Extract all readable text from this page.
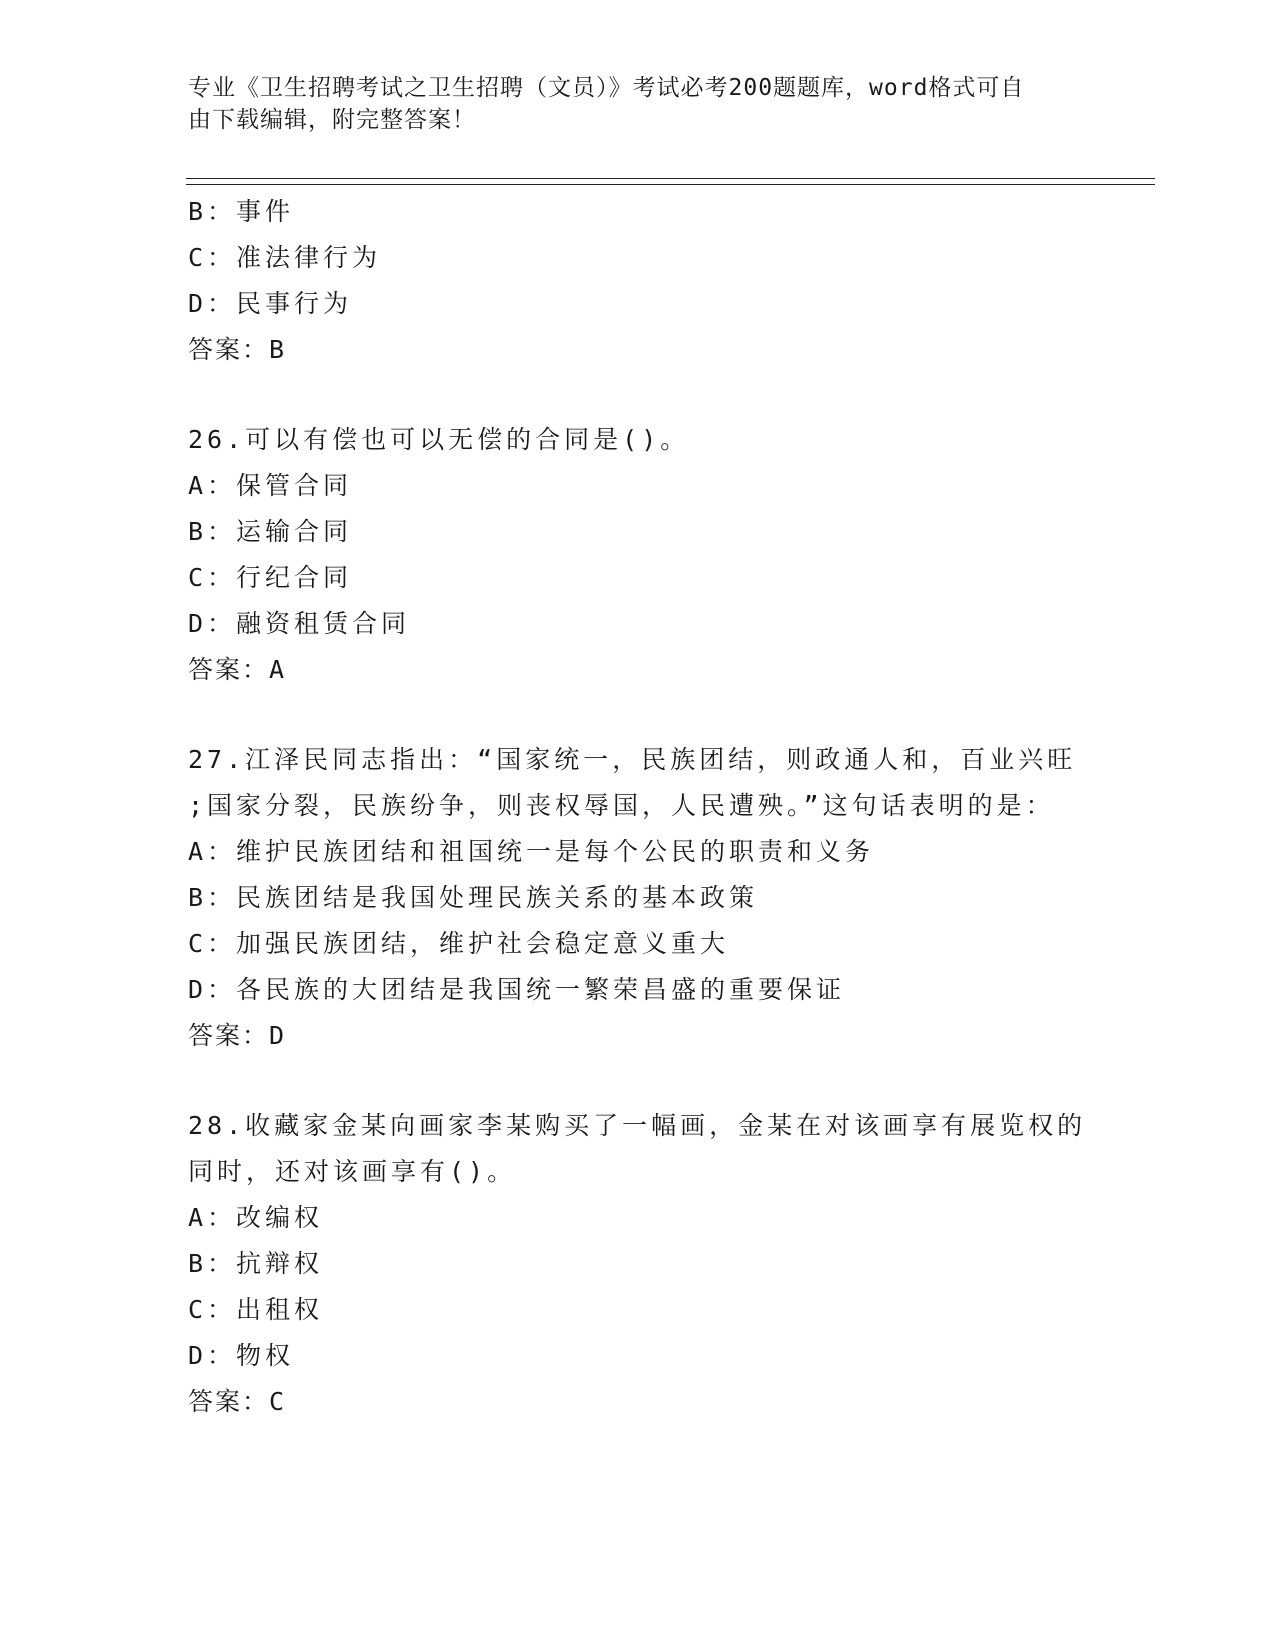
专业《卫生招聘考试之卫生招聘（文员）》考试必考200题题库，word格式可自
由下载编辑，附完整答案！
B：事件
C：准法律行为
D：民事行为
答案：B
26.可以有偿也可以无偿的合同是()。
A：保管合同
B：运输合同
C：行纪合同
D：融资租赁合同
答案：A
27.江泽民同志指出：“国家统一，民族团结，则政通人和，百业兴旺
;国家分裂，民族纷争，则丧权辱国，人民遭殃。”这句话表明的是：
A：维护民族团结和祖国统一是每个公民的职责和义务
B：民族团结是我国处理民族关系的基本政策
C：加强民族团结，维护社会稳定意义重大
D：各民族的大团结是我国统一繁荣昌盛的重要保证
答案：D
28.收藏家金某向画家李某购买了一幅画，金某在对该画享有展览权的
同时，还对该画享有()。
A：改编权
B：抗辩权
C：出租权
D：物权
答案：C
